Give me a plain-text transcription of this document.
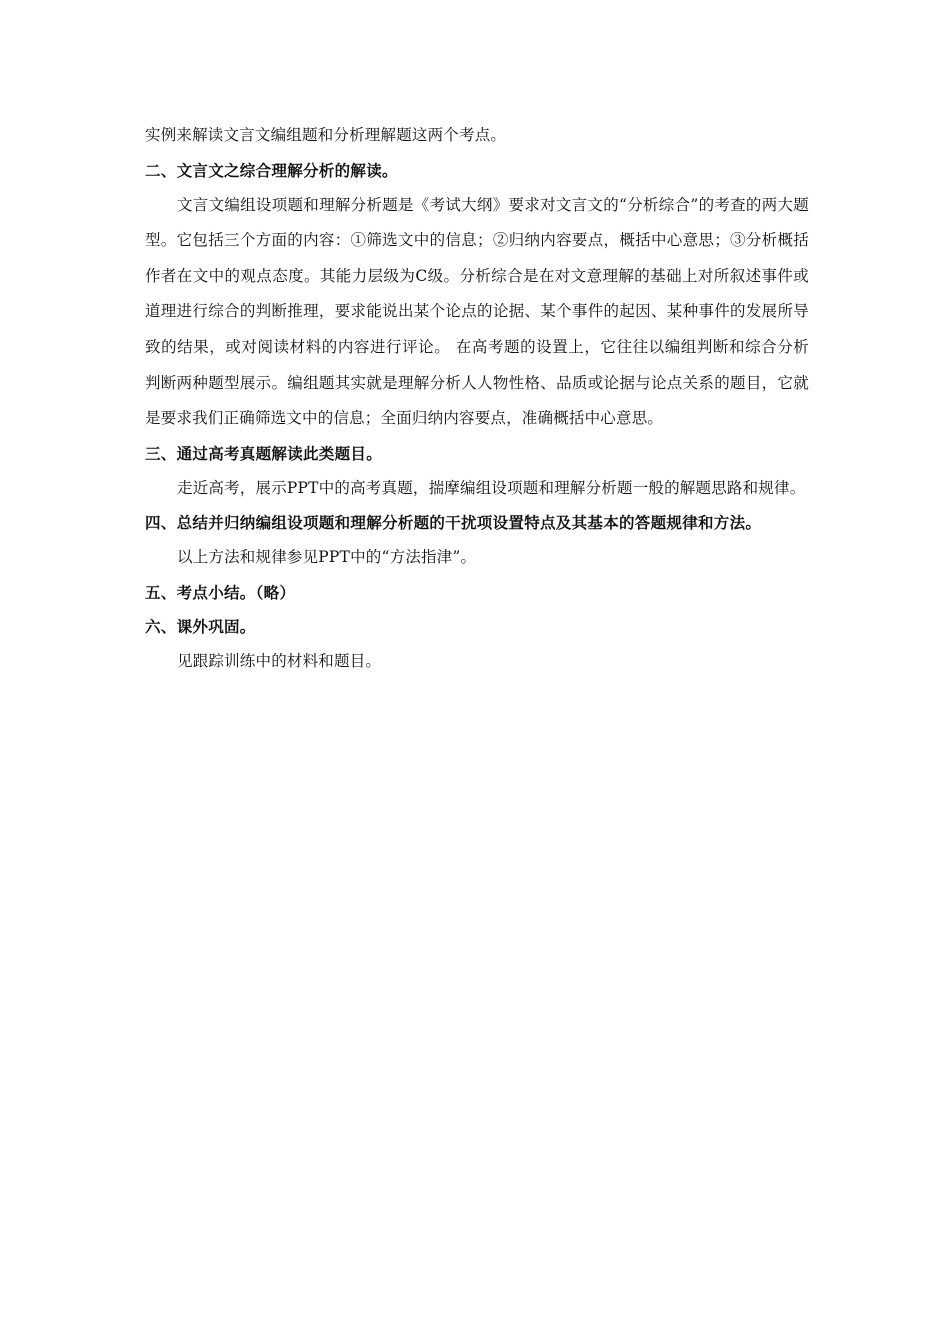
实例来解读文言文编组题和分析理解题这两个考点。

二、文言文之综合理解分析的解读。

文言文编组设项题和理解分析题是《考试大纲》要求对文言文的“分析综合”的考查的两大题型。它包括三个方面的内容：①筛选文中的信息；②归纳内容要点，概括中心意思；③分析概括作者在文中的观点态度。其能力层级为C级。分析综合是在对文意理解的基础上对所叙述事件或道理进行综合的判断推理，要求能说出某个论点的论据、某个事件的起因、某种事件的发展所导致的结果，或对阅读材料的内容进行评论。 在高考题的设置上，它往往以编组判断和综合分析判断两种题型展示。编组题其实就是理解分析人人物性格、品质或论据与论点关系的题目，它就是要求我们正确筛选文中的信息；全面归纳内容要点，准确概括中心意思。

三、通过高考真题解读此类题目。

走近高考，展示PPT中的高考真题，揣摩编组设项题和理解分析题一般的解题思路和规律。

四、总结并归纳编组设项题和理解分析题的干扰项设置特点及其基本的答题规律和方法。

以上方法和规律参见PPT中的“方法指津”。

五、考点小结。（略）

六、课外巩固。

见跟踪训练中的材料和题目。
